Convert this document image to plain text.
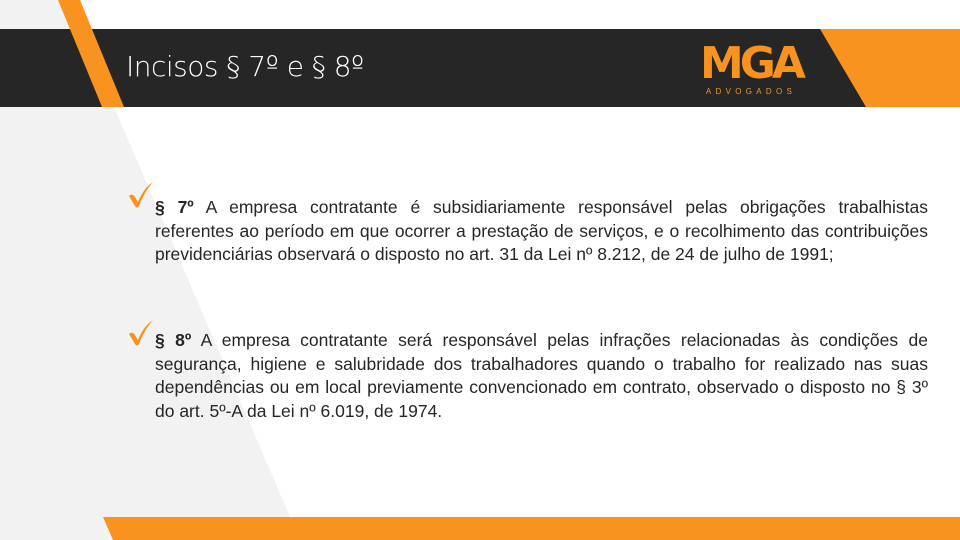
Incisos § 7º e § 8º	MGA
ADVOGADOS

§ 7º A empresa contratante é subsidiariamente responsável pelas obrigações trabalhistas referentes ao período em que ocorrer a prestação de serviços, e o recolhimento das contribuições previdenciárias observará o disposto no art. 31 da Lei nº 8.212, de 24 de julho de 1991;

§ 8º A empresa contratante será responsável pelas infrações relacionadas às condições de segurança, higiene e salubridade dos trabalhadores quando o trabalho for realizado nas suas dependências ou em local previamente convencionado em contrato, observado o disposto no § 3º do art. 5º-A da Lei nº 6.019, de 1974.
